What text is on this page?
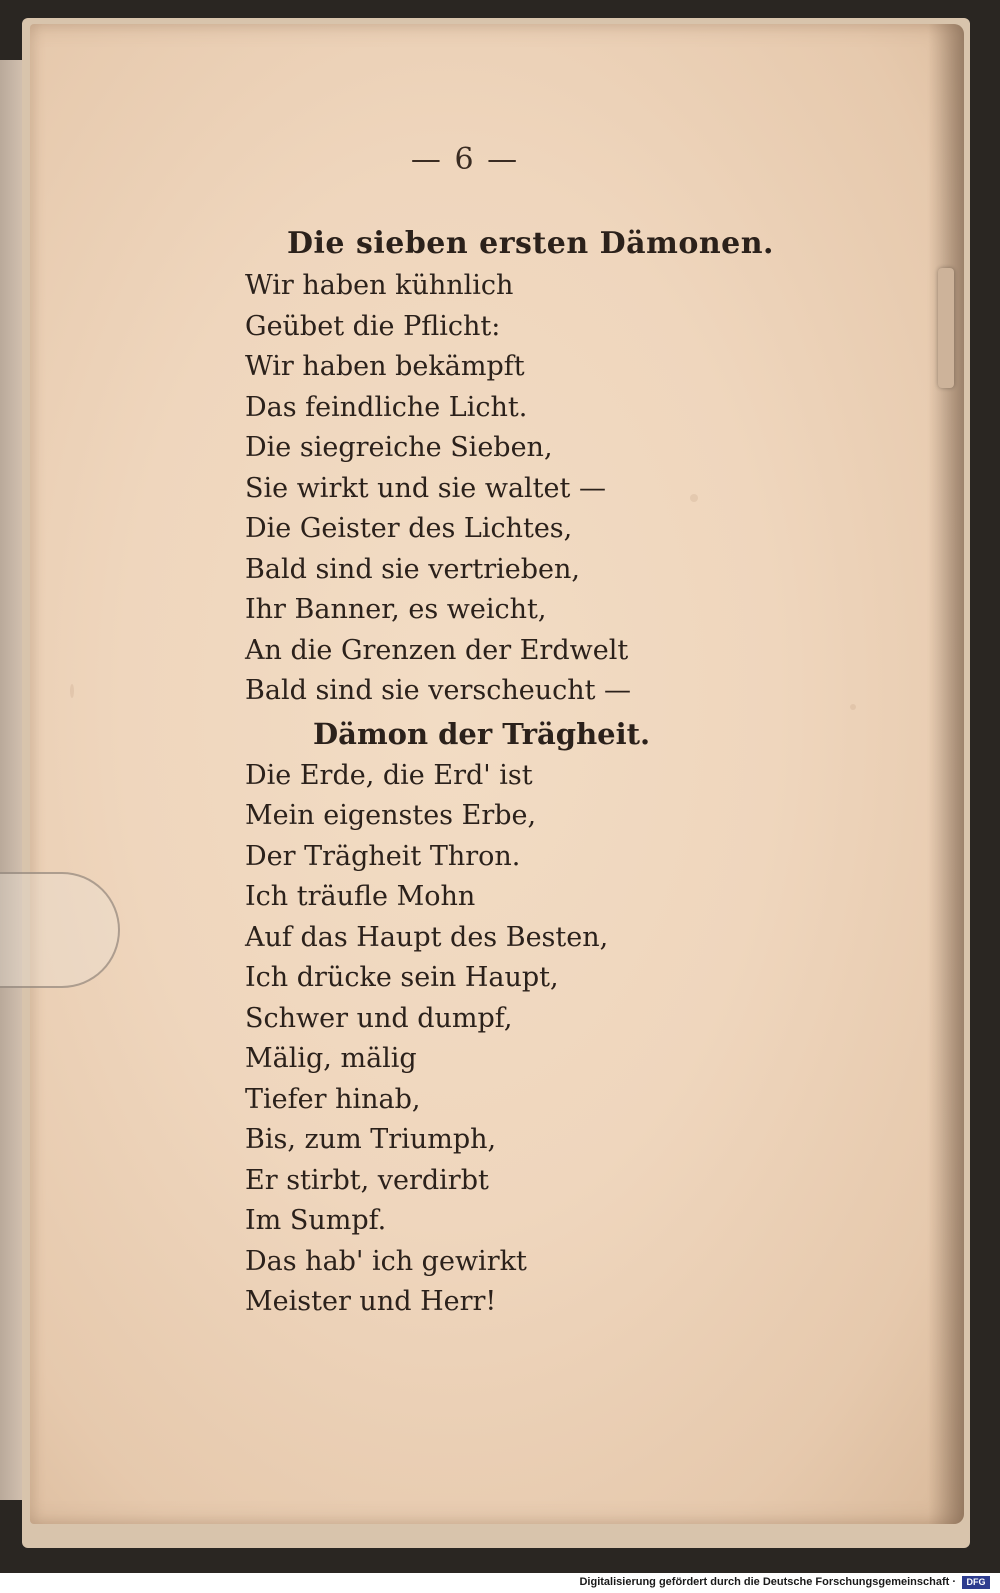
— 6 —
Die sieben ersten Dämonen.
Wir haben kühnlich
Geübet die Pflicht:
Wir haben bekämpft
Das feindliche Licht.
Die siegreiche Sieben,
Sie wirkt und sie waltet —
Die Geister des Lichtes,
Bald sind sie vertrieben,
Ihr Banner, es weicht,
An die Grenzen der Erdwelt
Bald sind sie verscheucht —
Dämon der Trägheit.
Die Erde, die Erd' ist
Mein eigenstes Erbe,
Der Trägheit Thron.
Ich träufle Mohn
Auf das Haupt des Besten,
Ich drücke sein Haupt,
Schwer und dumpf,
Mälig, mälig
Tiefer hinab,
Bis, zum Triumph,
Er stirbt, verdirbt
Im Sumpf.
Das hab' ich gewirkt
Meister und Herr!
Digitalisierung gefördert durch die Deutsche Forschungsgemeinschaft ·	DFG
